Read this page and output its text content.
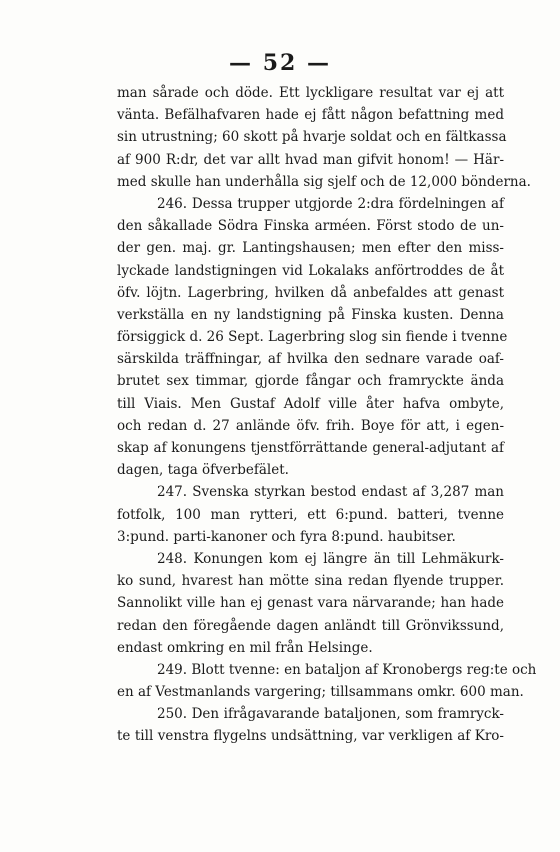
— 52 —
man sårade och döde. Ett lyckligare resultat var ej att
vänta. Befälhafvaren hade ej fått någon befattning med
sin utrustning; 60 skott på hvarje soldat och en fältkassa
af 900 R:dr, det var allt hvad man gifvit honom! — Här-
med skulle han underhålla sig sjelf och de 12,000 bönderna.
246. Dessa trupper utgjorde 2:dra fördelningen af
den såkallade Södra Finska arméen. Först stodo de un-
der gen. maj. gr. Lantingshausen; men efter den miss-
lyckade landstigningen vid Lokalaks anförtroddes de åt
öfv. löjtn. Lagerbring, hvilken då anbefaldes att genast
verkställa en ny landstigning på Finska kusten. Denna
försiggick d. 26 Sept. Lagerbring slog sin fiende i tvenne
särskilda träffningar, af hvilka den sednare varade oaf-
brutet sex timmar, gjorde fångar och framryckte ända
till Viais. Men Gustaf Adolf ville åter hafva ombyte,
och redan d. 27 anlände öfv. frih. Boye för att, i egen-
skap af konungens tjenstförrättande general-adjutant af
dagen, taga öfverbefälet.
247. Svenska styrkan bestod endast af 3,287 man
fotfolk, 100 man rytteri, ett 6:pund. batteri, tvenne
3:pund. parti-kanoner och fyra 8:pund. haubitser.
248. Konungen kom ej längre än till Lehmäkurk-
ko sund, hvarest han mötte sina redan flyende trupper.
Sannolikt ville han ej genast vara närvarande; han hade
redan den föregående dagen anländt till Grönvikssund,
endast omkring en mil från Helsinge.
249. Blott tvenne: en bataljon af Kronobergs reg:te och
en af Vestmanlands vargering; tillsammans omkr. 600 man.
250. Den ifrågavarande bataljonen, som framryck-
te till venstra flygelns undsättning, var verkligen af Kro-
